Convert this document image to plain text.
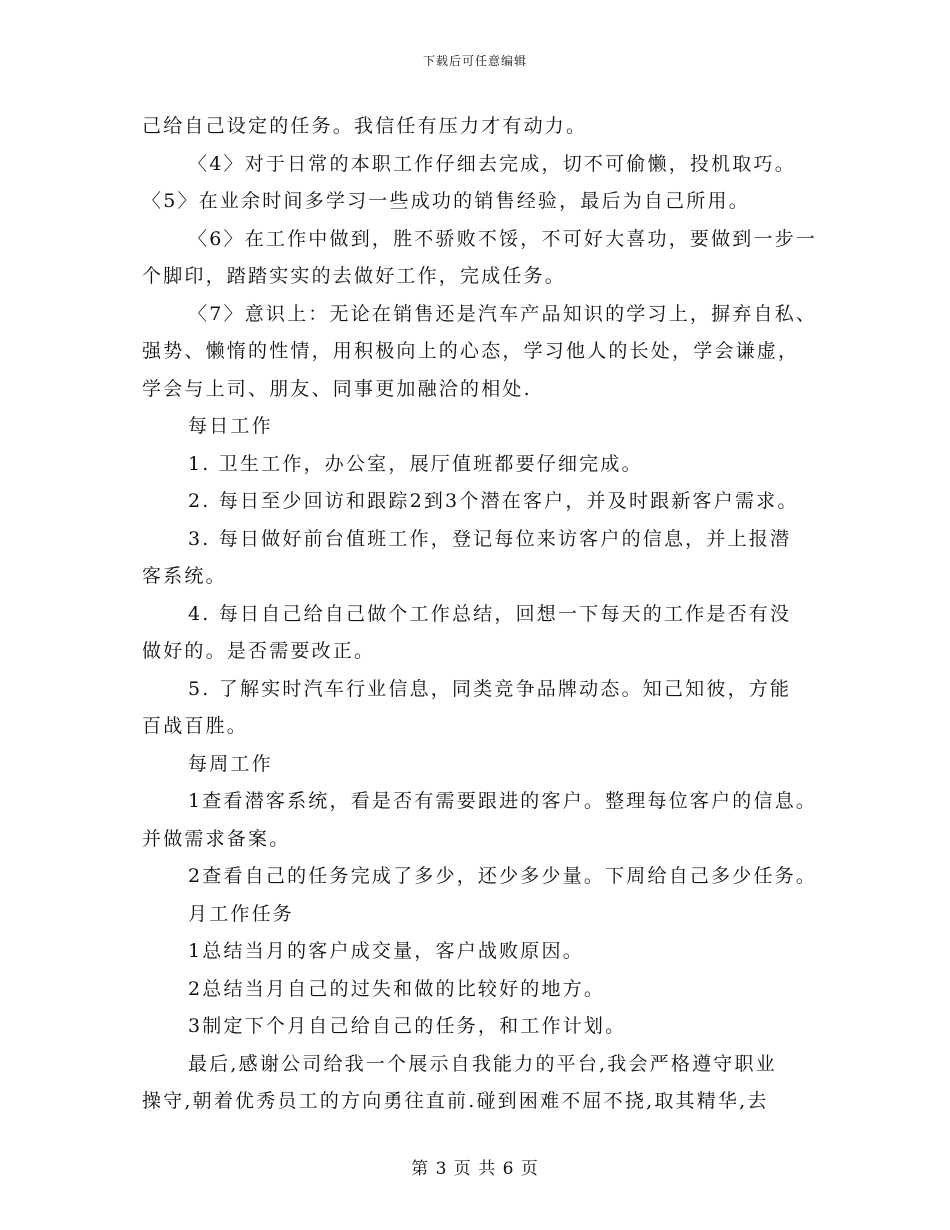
下载后可任意编辑
己给自己设定的任务。我信任有压力才有动力。
〈4〉对于日常的本职工作仔细去完成，切不可偷懒，投机取巧。
〈5〉在业余时间多学习一些成功的销售经验，最后为自己所用。
〈6〉在工作中做到，胜不骄败不馁，不可好大喜功，要做到一步一
个脚印，踏踏实实的去做好工作，完成任务。
〈7〉意识上：无论在销售还是汽车产品知识的学习上，摒弃自私、
强势、懒惰的性情，用积极向上的心态，学习他人的长处，学会谦虚，
学会与上司、朋友、同事更加融洽的相处.
每日工作
1. 卫生工作，办公室，展厅值班都要仔细完成。
2. 每日至少回访和跟踪2到3个潜在客户，并及时跟新客户需求。
3. 每日做好前台值班工作，登记每位来访客户的信息，并上报潜
客系统。
4. 每日自己给自己做个工作总结，回想一下每天的工作是否有没
做好的。是否需要改正。
5. 了解实时汽车行业信息，同类竞争品牌动态。知己知彼，方能
百战百胜。
每周工作
1查看潜客系统，看是否有需要跟进的客户。整理每位客户的信息。
并做需求备案。
2查看自己的任务完成了多少，还少多少量。下周给自己多少任务。
月工作任务
1总结当月的客户成交量，客户战败原因。
2总结当月自己的过失和做的比较好的地方。
3制定下个月自己给自己的任务，和工作计划。
最后,感谢公司给我一个展示自我能力的平台,我会严格遵守职业
操守,朝着优秀员工的方向勇往直前.碰到困难不屈不挠,取其精华,去
第 3 页 共 6 页
